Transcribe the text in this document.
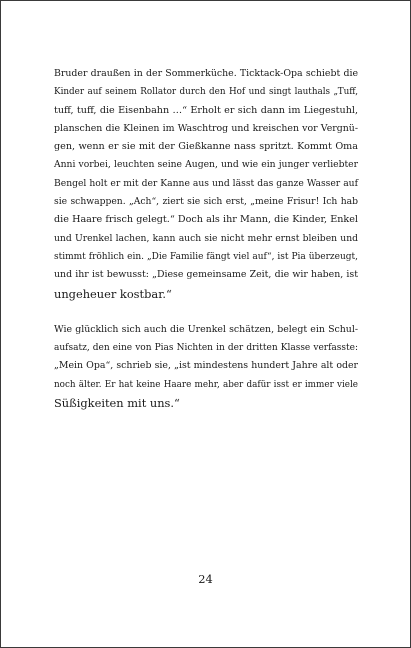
Bruder draußen in der Sommerküche. Ticktack-Opa schiebt die
Kinder auf seinem Rollator durch den Hof und singt lauthals „Tuff,
tuff, tuff, die Eisenbahn …“ Erholt er sich dann im Liegestuhl,
planschen die Kleinen im Waschtrog und kreischen vor Vergnü-
gen, wenn er sie mit der Gießkanne nass spritzt. Kommt Oma
Anni vorbei, leuchten seine Augen, und wie ein junger verliebter
Bengel holt er mit der Kanne aus und lässt das ganze Wasser auf
sie schwappen. „Ach“, ziert sie sich erst, „meine Frisur! Ich hab
die Haare frisch gelegt.“ Doch als ihr Mann, die Kinder, Enkel
und Urenkel lachen, kann auch sie nicht mehr ernst bleiben und
stimmt fröhlich ein. „Die Familie fängt viel auf“, ist Pia überzeugt,
und ihr ist bewusst: „Diese gemeinsame Zeit, die wir haben, ist
ungeheuer kostbar.“
Wie glücklich sich auch die Urenkel schätzen, belegt ein Schul-
aufsatz, den eine von Pias Nichten in der dritten Klasse verfasste:
„Mein Opa“, schrieb sie, „ist mindestens hundert Jahre alt oder
noch älter. Er hat keine Haare mehr, aber dafür isst er immer viele
Süßigkeiten mit uns.“
24
